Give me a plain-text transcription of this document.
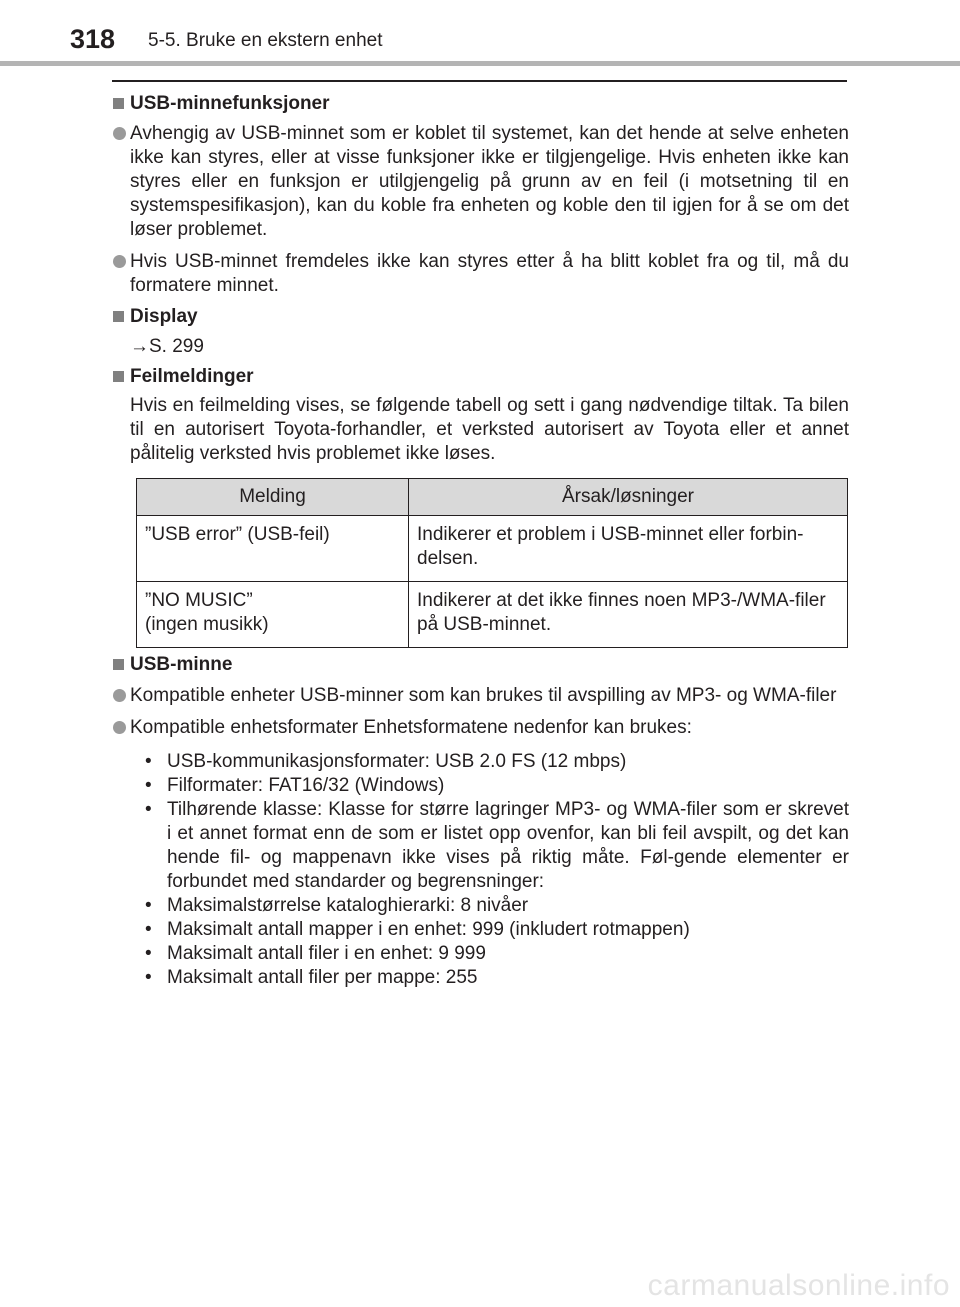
318 5-5. Bruke en ekstern enhet

USB-minnefunksjoner

Avhengig av USB-minnet som er koblet til systemet, kan det hende at selve enheten ikke kan styres, eller at visse funksjoner ikke er tilgjengelige. Hvis enheten ikke kan styres eller en funksjon er utilgjengelig på grunn av en feil (i motsetning til en systemspesifikasjon), kan du koble fra enheten og koble den til igjen for å se om det løser problemet.

Hvis USB-minnet fremdeles ikke kan styres etter å ha blitt koblet fra og til, må du formatere minnet.

Display

→S. 299

Feilmeldinger

Hvis en feilmelding vises, se følgende tabell og sett i gang nødvendige tiltak. Ta bilen til en autorisert Toyota-forhandler, et verksted autorisert av Toyota eller et annet pålitelig verksted hvis problemet ikke løses.

Melding	Årsak/løsninger
”USB error” (USB-feil)	Indikerer et problem i USB-minnet eller forbin-delsen.
”NO MUSIC”
(ingen musikk)	Indikerer at det ikke finnes noen MP3-/WMA-filer på USB-minnet.

USB-minne

Kompatible enheter USB-minner som kan brukes til avspilling av MP3- og WMA-filer

Kompatible enhetsformater Enhetsformatene nedenfor kan brukes:

• USB-kommunikasjonsformater: USB 2.0 FS (12 mbps)
• Filformater: FAT16/32 (Windows)
• Tilhørende klasse: Klasse for større lagringer MP3- og WMA-filer som er skrevet i et annet format enn de som er listet opp ovenfor, kan bli feil avspilt, og det kan hende fil- og mappenavn ikke vises på riktig måte. Føl-gende elementer er forbundet med standarder og begrensninger:
• Maksimalstørrelse kataloghierarki: 8 nivåer
• Maksimalt antall mapper i en enhet: 999 (inkludert rotmappen)
• Maksimalt antall filer i en enhet: 9 999
• Maksimalt antall filer per mappe: 255
carmanualsonline.info
